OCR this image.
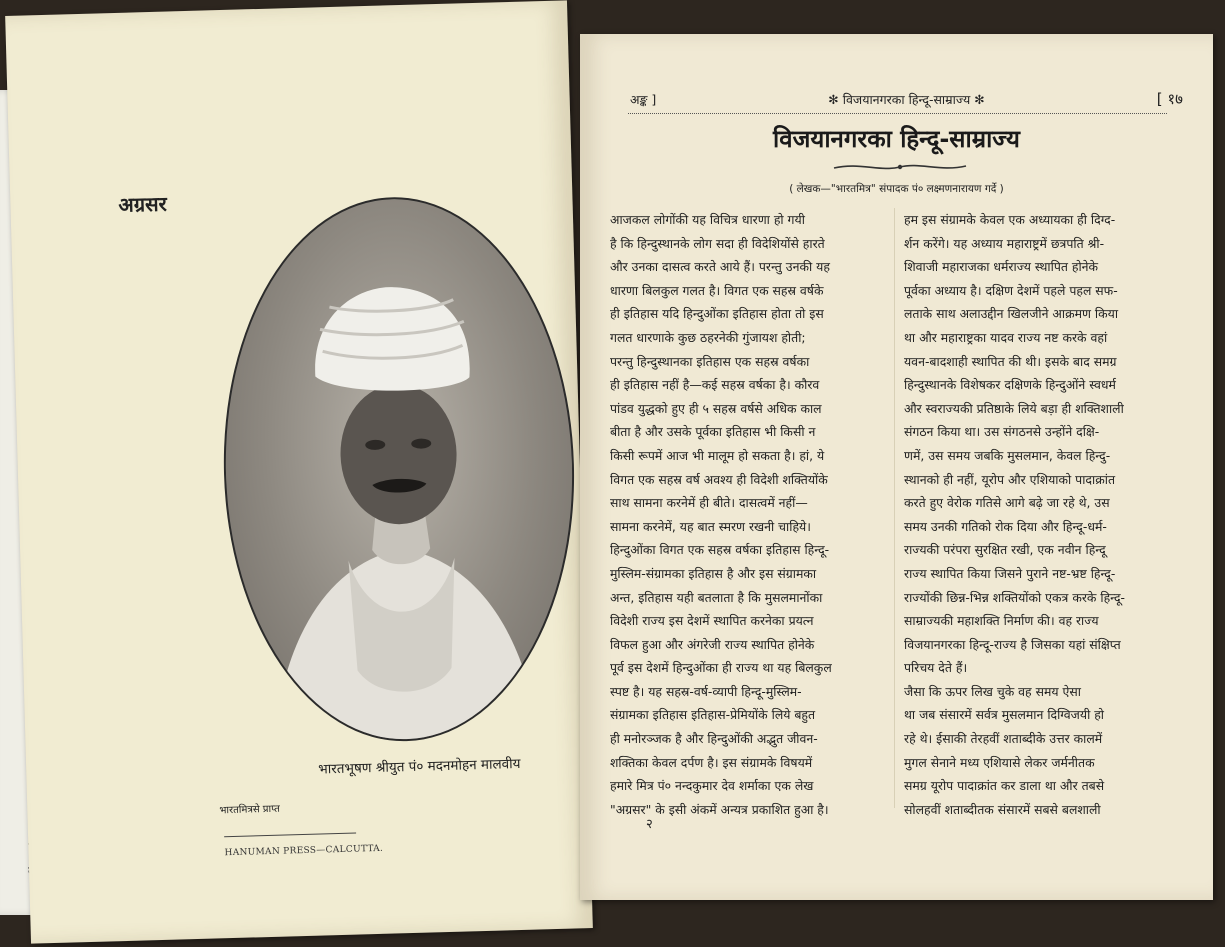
अग्रसर
भारतभूषण श्रीयुत पं० मदनमोहन मालवीय
भारतमित्रसे प्राप्त
HANUMAN PRESS—CALCUTTA.
अङ्क ]	✻ विजयानगरका हिन्दू-साम्राज्य ✻	[ १७
विजयानगरका हिन्दू-साम्राज्य
( लेखक—"भारतमित्र" संपादक पं० लक्ष्मणनारायण गर्दे )
आजकल लोगोंकी यह विचित्र धारणा हो गयी
है कि हिन्दुस्थानके लोग सदा ही विदेशियोंसे हारते
और उनका दासत्व करते आये हैं। परन्तु उनकी यह
धारणा बिलकुल गलत है। विगत एक सहस्र वर्षके
ही इतिहास यदि हिन्दुओंका इतिहास होता तो इस
गलत धारणाके कुछ ठहरनेकी गुंजायश होती;
परन्तु हिन्दुस्थानका इतिहास एक सहस्र वर्षका
ही इतिहास नहीं है—कई सहस्र वर्षका है। कौरव
पांडव युद्धको हुए ही ५ सहस्र वर्षसे अधिक काल
बीता है और उसके पूर्वका इतिहास भी किसी न
किसी रूपमें आज भी मालूम हो सकता है। हां, ये
विगत एक सहस्र वर्ष अवश्य ही विदेशी शक्तियोंके
साथ सामना करनेमें ही बीते। दासत्वमें नहीं—
सामना करनेमें, यह बात स्मरण रखनी चाहिये।
हिन्दुओंका विगत एक सहस्र वर्षका इतिहास हिन्दू-
मुस्लिम-संग्रामका इतिहास है और इस संग्रामका
अन्त, इतिहास यही बतलाता है कि मुसलमानोंका
विदेशी राज्य इस देशमें स्थापित करनेका प्रयत्न
विफल हुआ और अंगरेजी राज्य स्थापित होनेके
पूर्व इस देशमें हिन्दुओंका ही राज्य था यह बिलकुल
स्पष्ट है। यह सहस्र-वर्ष-व्यापी हिन्दू-मुस्लिम-
संग्रामका इतिहास इतिहास-प्रेमियोंके लिये बहुत
ही मनोरञ्जक है और हिन्दुओंकी अद्भुत जीवन-
शक्तिका केवल दर्पण है। इस संग्रामके विषयमें
हमारे मित्र पं० नन्दकुमार देव शर्माका एक लेख
"अग्रसर" के इसी अंकमें अन्यत्र प्रकाशित हुआ है।
हम इस संग्रामके केवल एक अध्यायका ही दिग्द-
र्शन करेंगे। यह अध्याय महाराष्ट्रमें छत्रपति श्री-
शिवाजी महाराजका धर्मराज्य स्थापित होनेके
पूर्वका अध्याय है। दक्षिण देशमें पहले पहल सफ-
लताके साथ अलाउद्दीन खिलजीने आक्रमण किया
था और महाराष्ट्रका यादव राज्य नष्ट करके वहां
यवन-बादशाही स्थापित की थी। इसके बाद समग्र
हिन्दुस्थानके विशेषकर दक्षिणके हिन्दुओंने स्वधर्म
और स्वराज्यकी प्रतिष्ठाके लिये बड़ा ही शक्तिशाली
संगठन किया था। उस संगठनसे उन्होंने दक्षि-
णमें, उस समय जबकि मुसलमान, केवल हिन्दु-
स्थानको ही नहीं, यूरोप और एशियाको पादाक्रांत
करते हुए वेरोक गतिसे आगे बढ़े जा रहे थे, उस
समय उनकी गतिको रोक दिया और हिन्दू-धर्म-
राज्यकी परंपरा सुरक्षित रखी, एक नवीन हिन्दू
राज्य स्थापित किया जिसने पुराने नष्ट-भ्रष्ट हिन्दू-
राज्योंकी छिन्न-भिन्न शक्तियोंको एकत्र करके हिन्दू-
साम्राज्यकी महाशक्ति निर्माण की। वह राज्य
विजयानगरका हिन्दू-राज्य है जिसका यहां संक्षिप्त
परिचय देते हैं।
जैसा कि ऊपर लिख चुके वह समय ऐसा
था जब संसारमें सर्वत्र मुसलमान दिग्विजयी हो
रहे थे। ईसाकी तेरहवीं शताब्दीके उत्तर कालमें
मुगल सेनाने मध्य एशियासे लेकर जर्मनीतक
समग्र यूरोप पादाक्रांत कर डाला था और तबसे
सोलहवीं शताब्दीतक संसारमें सबसे बलशाली
२
